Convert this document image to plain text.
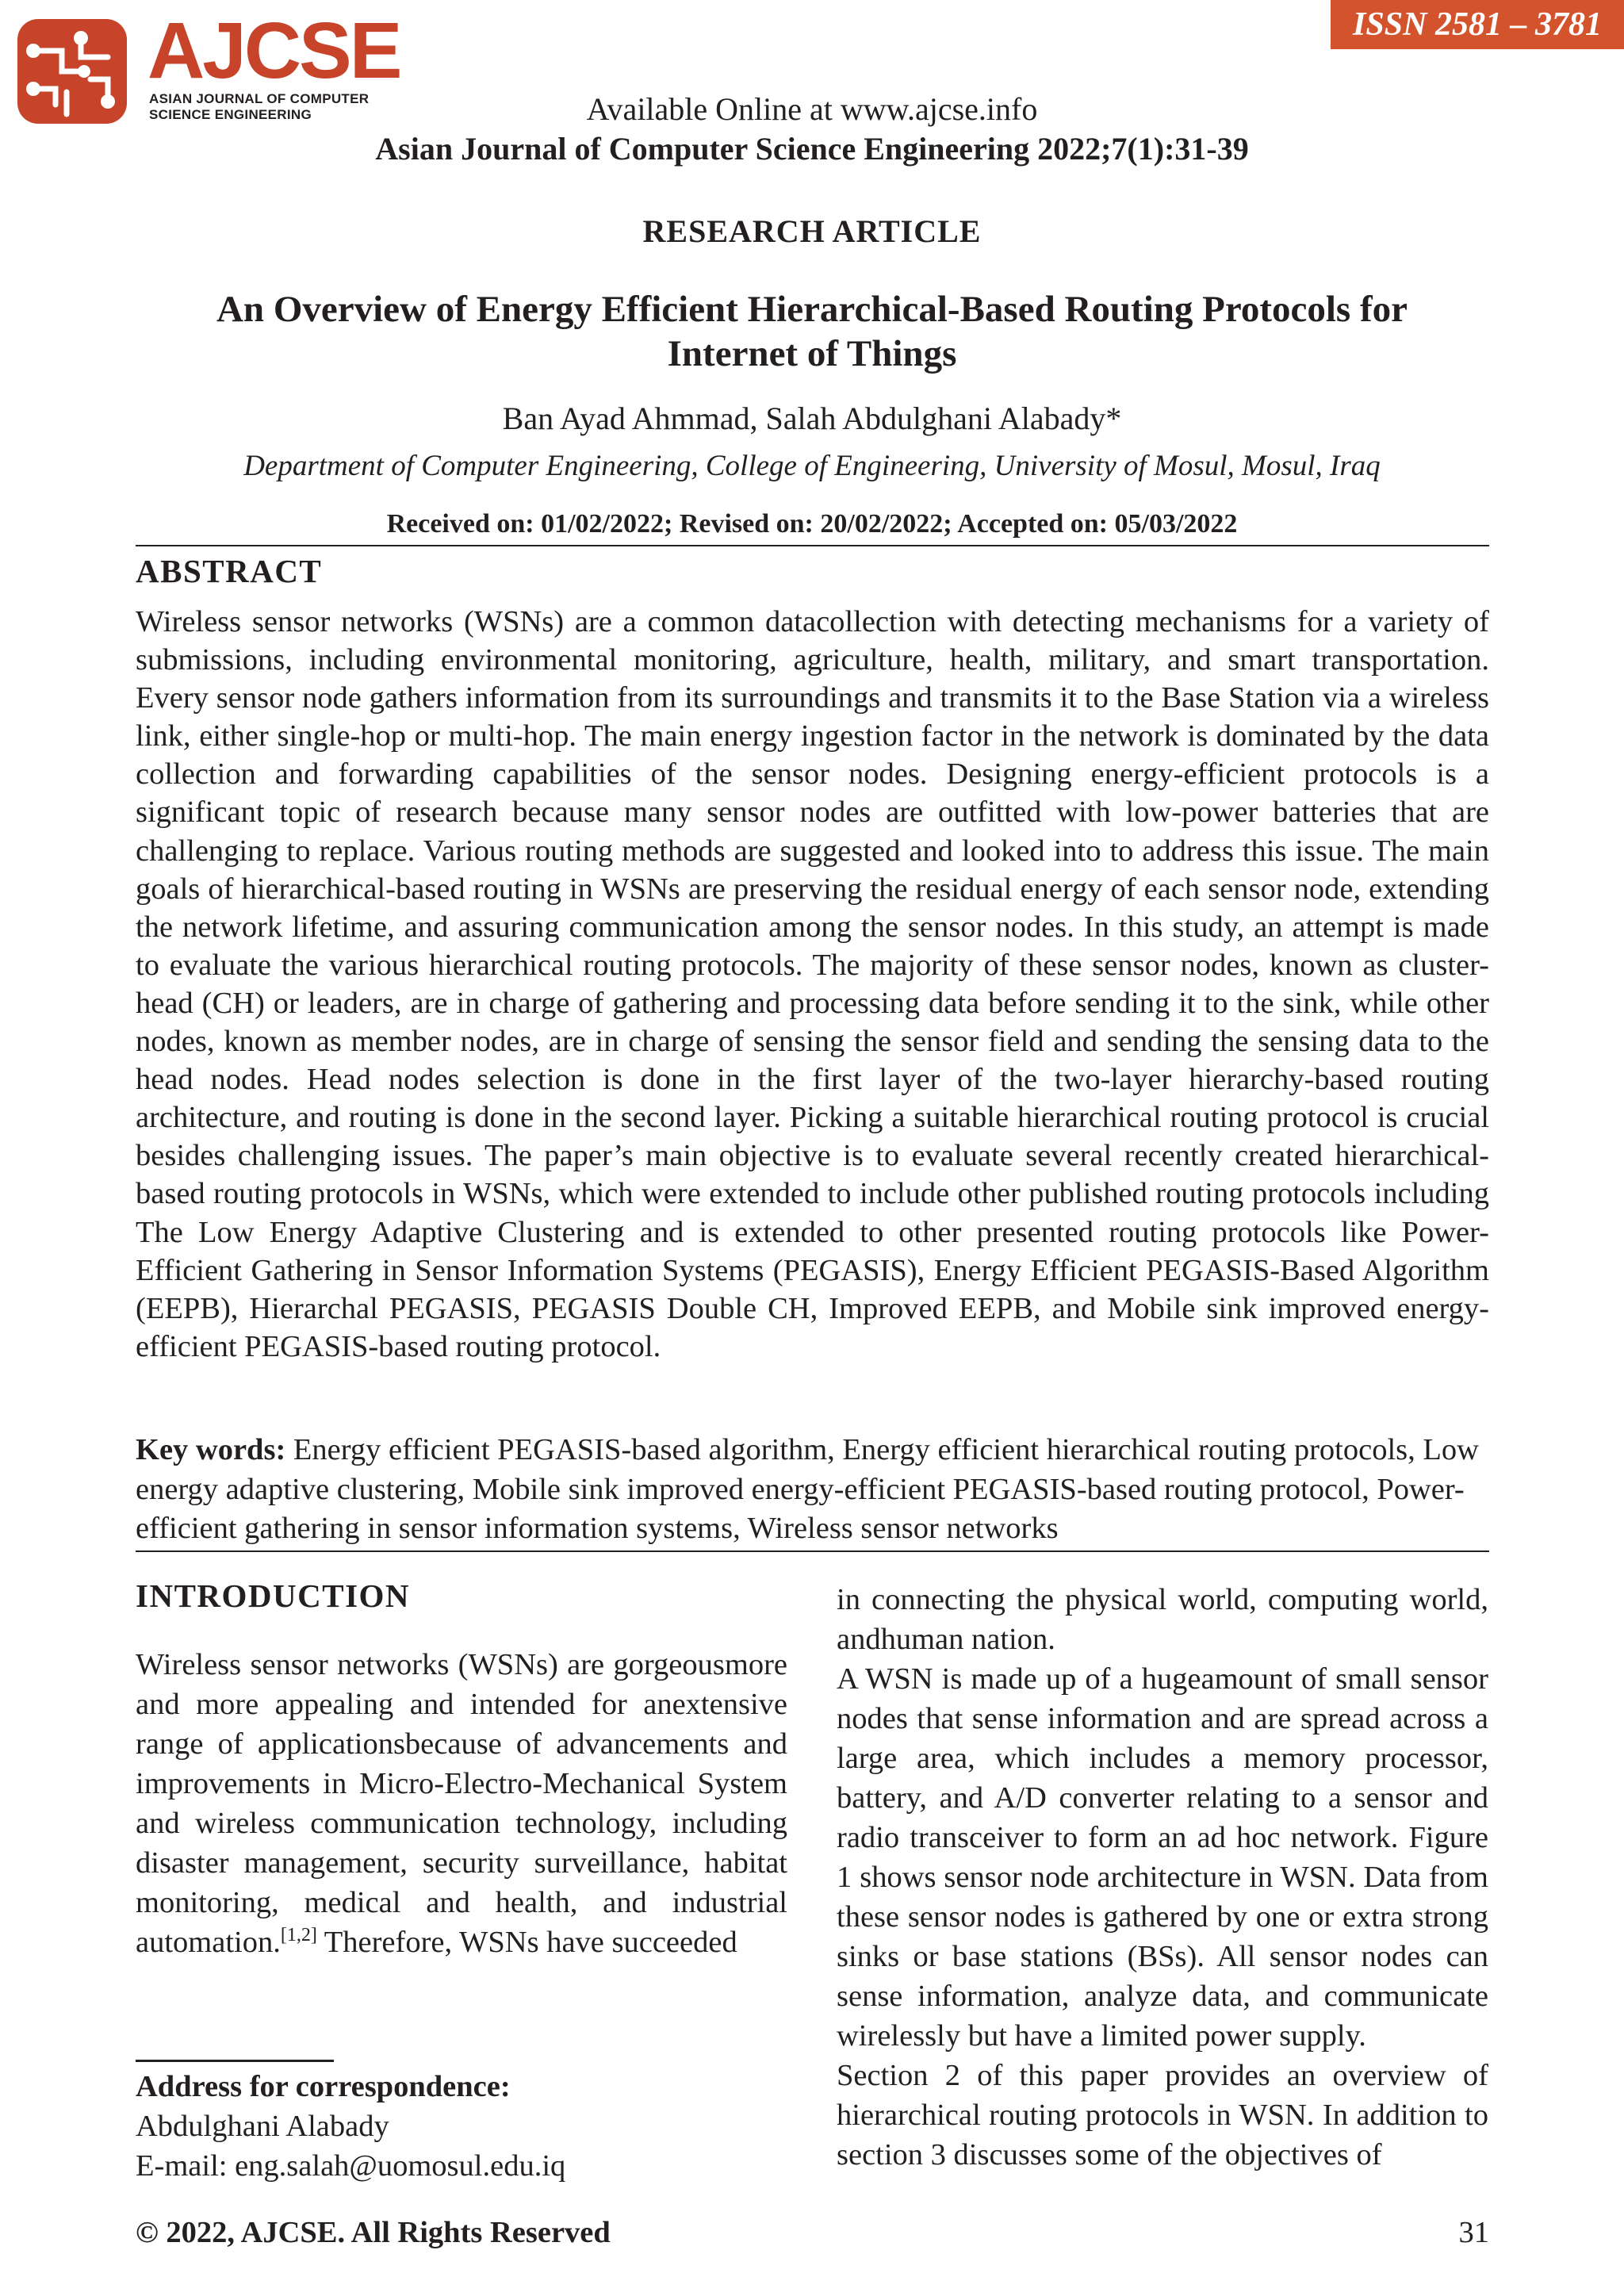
AJCSE
ASIAN JOURNAL OF COMPUTER
SCIENCE ENGINEERING
ISSN 2581 – 3781
Available Online at www.ajcse.info
Asian Journal of Computer Science Engineering 2022;7(1):31-39
RESEARCH ARTICLE
An Overview of Energy Efficient Hierarchical-Based Routing Protocols for Internet of Things
Ban Ayad Ahmmad, Salah Abdulghani Alabady*
Department of Computer Engineering, College of Engineering, University of Mosul, Mosul, Iraq
Received on: 01/02/2022; Revised on: 20/02/2022; Accepted on: 05/03/2022
ABSTRACT
Wireless sensor networks (WSNs) are a common datacollection with detecting mechanisms for a variety of submissions, including environmental monitoring, agriculture, health, military, and smart transportation. Every sensor node gathers information from its surroundings and transmits it to the Base Station via a wireless link, either single-hop or multi-hop. The main energy ingestion factor in the network is dominated by the data collection and forwarding capabilities of the sensor nodes. Designing energy-efficient protocols is a significant topic of research because many sensor nodes are outfitted with low-power batteries that are challenging to replace. Various routing methods are suggested and looked into to address this issue. The main goals of hierarchical-based routing in WSNs are preserving the residual energy of each sensor node, extending the network lifetime, and assuring communication among the sensor nodes. In this study, an attempt is made to evaluate the various hierarchical routing protocols. The majority of these sensor nodes, known as cluster-head (CH) or leaders, are in charge of gathering and processing data before sending it to the sink, while other nodes, known as member nodes, are in charge of sensing the sensor field and sending the sensing data to the head nodes. Head nodes selection is done in the first layer of the two-layer hierarchy-based routing architecture, and routing is done in the second layer. Picking a suitable hierarchical routing protocol is crucial besides challenging issues. The paper’s main objective is to evaluate several recently created hierarchical-based routing protocols in WSNs, which were extended to include other published routing protocols including The Low Energy Adaptive Clustering and is extended to other presented routing protocols like Power-Efficient Gathering in Sensor Information Systems (PEGASIS), Energy Efficient PEGASIS-Based Algorithm (EEPB), Hierarchal PEGASIS, PEGASIS Double CH, Improved EEPB, and Mobile sink improved energy-efficient PEGASIS-based routing protocol.
Key words: Energy efficient PEGASIS-based algorithm, Energy efficient hierarchical routing protocols, Low energy adaptive clustering, Mobile sink improved energy-efficient PEGASIS-based routing protocol, Power-efficient gathering in sensor information systems, Wireless sensor networks
INTRODUCTION
Wireless sensor networks (WSNs) are gorgeousmore and more appealing and intended for anextensive range of applicationsbecause of advancements and improvements in Micro-Electro-Mechanical System and wireless communication technology, including disaster management, security surveillance, habitat monitoring, medical and health, and industrial automation.[1,2] Therefore, WSNs have succeeded
Address for correspondence:
Abdulghani Alabady
E-mail: eng.salah@uomosul.edu.iq
in connecting the physical world, computing world, andhuman nation.
A WSN is made up of a hugeamount of small sensor nodes that sense information and are spread across a large area, which includes a memory processor, battery, and A/D converter relating to a sensor and radio transceiver to form an ad hoc network. Figure 1 shows sensor node architecture in WSN. Data from these sensor nodes is gathered by one or extra strong sinks or base stations (BSs). All sensor nodes can sense information, analyze data, and communicate wirelessly but have a limited power supply.
Section 2 of this paper provides an overview of hierarchical routing protocols in WSN. In addition to section 3 discusses some of the objectives of
© 2022, AJCSE. All Rights Reserved	31
